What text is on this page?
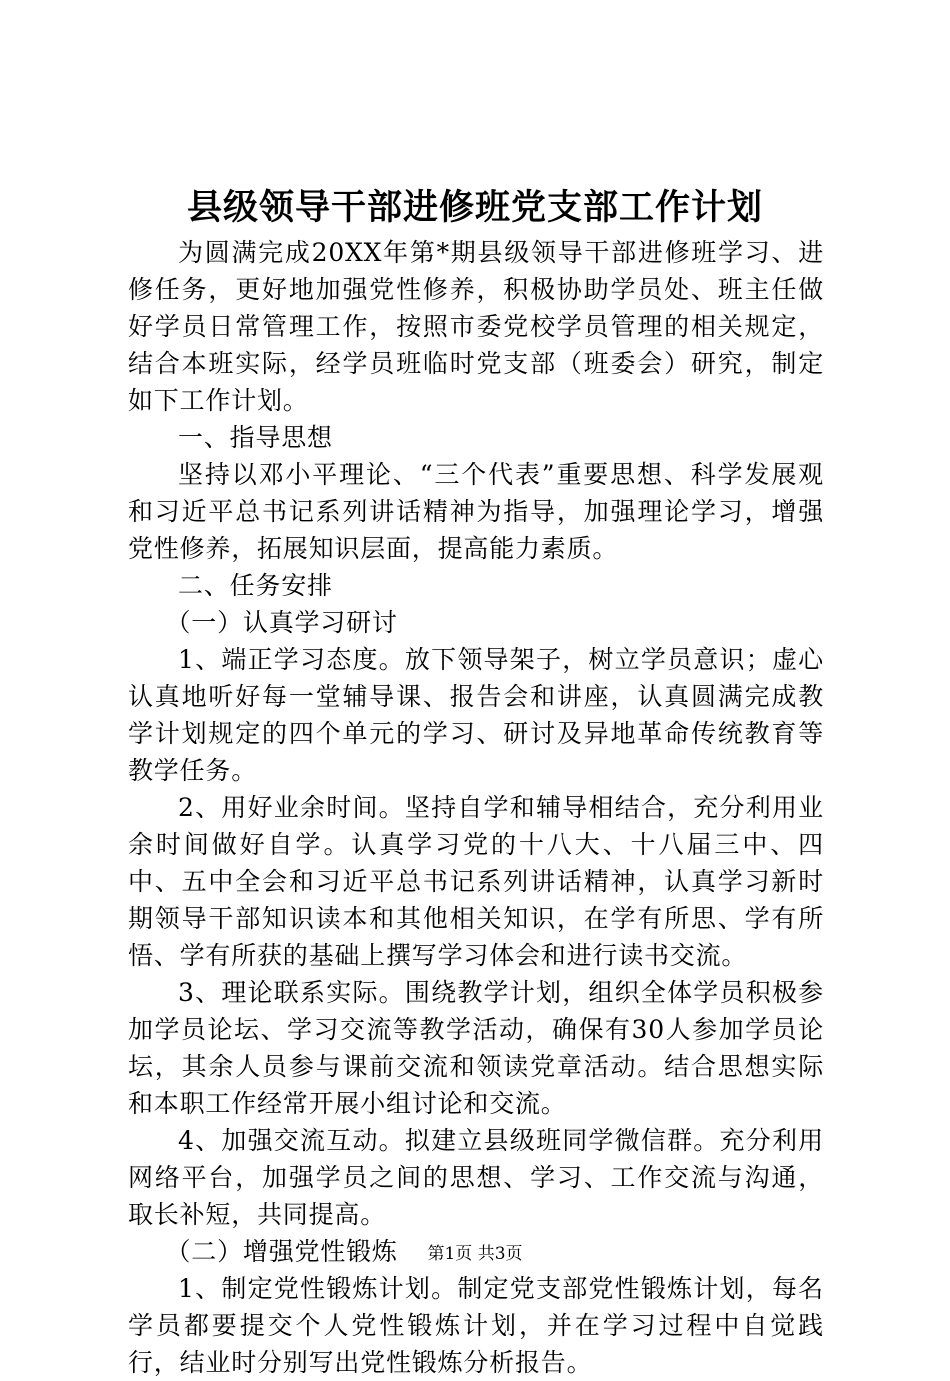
县级领导干部进修班党支部工作计划

为圆满完成20XX年第*期县级领导干部进修班学习、进修任务，更好地加强党性修养，积极协助学员处、班主任做好学员日常管理工作，按照市委党校学员管理的相关规定，结合本班实际，经学员班临时党支部（班委会）研究，制定如下工作计划。

一、指导思想

坚持以邓小平理论、“三个代表”重要思想、科学发展观和习近平总书记系列讲话精神为指导，加强理论学习，增强党性修养，拓展知识层面，提高能力素质。

二、任务安排

（一）认真学习研讨

1、端正学习态度。放下领导架子，树立学员意识；虚心认真地听好每一堂辅导课、报告会和讲座，认真圆满完成教学计划规定的四个单元的学习、研讨及异地革命传统教育等教学任务。

2、用好业余时间。坚持自学和辅导相结合，充分利用业余时间做好自学。认真学习党的十八大、十八届三中、四中、五中全会和习近平总书记系列讲话精神，认真学习新时期领导干部知识读本和其他相关知识，在学有所思、学有所悟、学有所获的基础上撰写学习体会和进行读书交流。

3、理论联系实际。围绕教学计划，组织全体学员积极参加学员论坛、学习交流等教学活动，确保有30人参加学员论坛，其余人员参与课前交流和领读党章活动。结合思想实际和本职工作经常开展小组讨论和交流。

4、加强交流互动。拟建立县级班同学微信群。充分利用网络平台，加强学员之间的思想、学习、工作交流与沟通，取长补短，共同提高。

（二）增强党性锻炼

1、制定党性锻炼计划。制定党支部党性锻炼计划，每名学员都要提交个人党性锻炼计划，并在学习过程中自觉践行，结业时分别写出党性锻炼分析报告。

第1页 共3页
